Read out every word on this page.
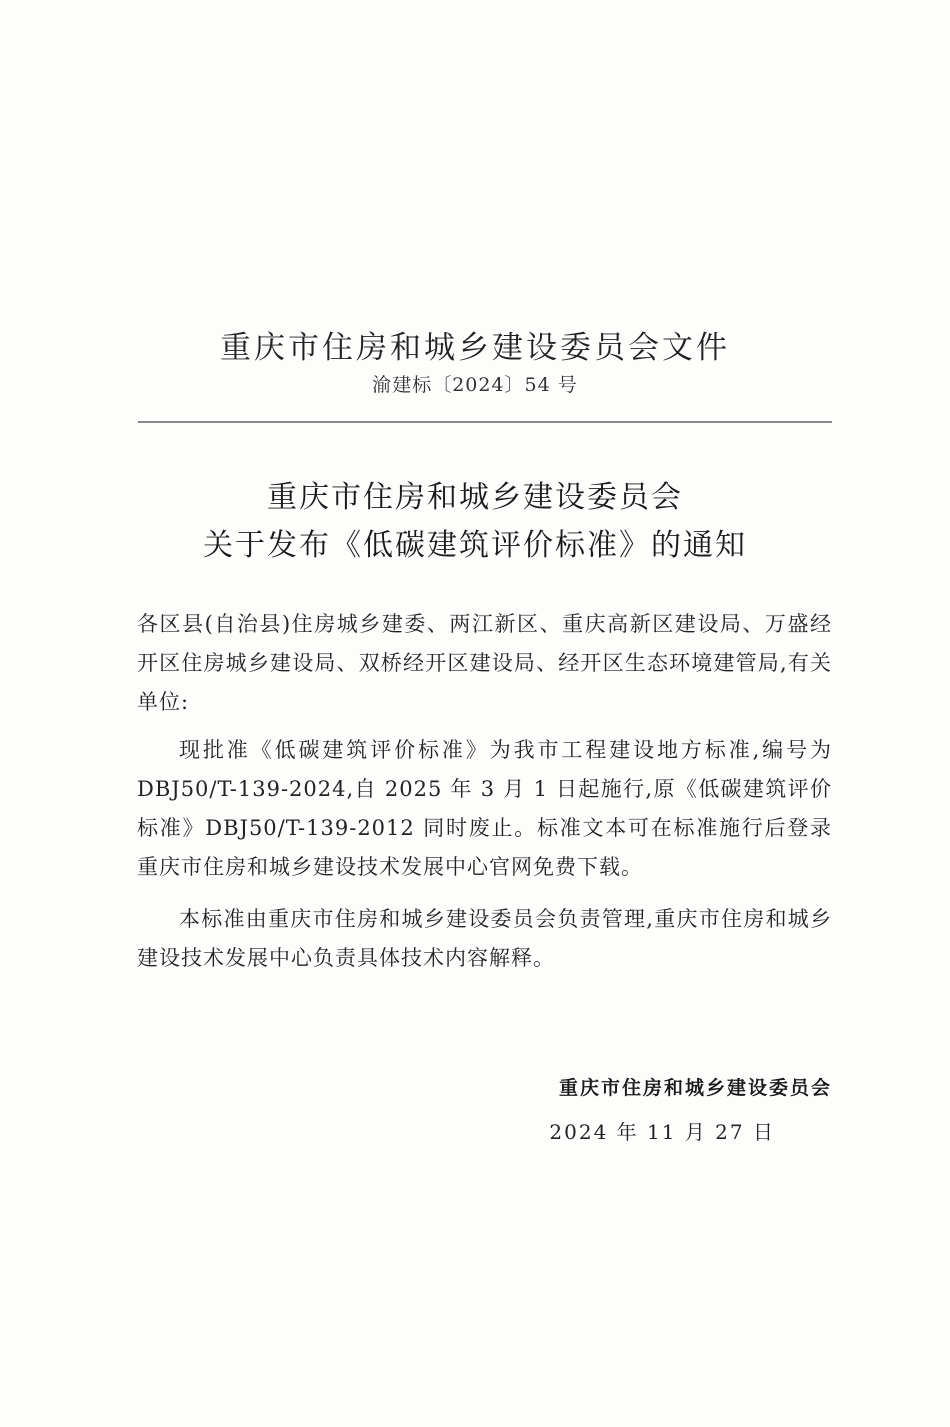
重庆市住房和城乡建设委员会文件
渝建标〔2024〕54 号
重庆市住房和城乡建设委员会
关于发布《低碳建筑评价标准》的通知
各区县(自治县)住房城乡建委、两江新区、重庆高新区建设局、万盛经开区住房城乡建设局、双桥经开区建设局、经开区生态环境建管局,有关单位:
现批准《低碳建筑评价标准》为我市工程建设地方标准,编号为 DBJ50/T-139-2024,自 2025 年 3 月 1 日起施行,原《低碳建筑评价标准》DBJ50/T-139-2012 同时废止。标准文本可在标准施行后登录重庆市住房和城乡建设技术发展中心官网免费下载。
本标准由重庆市住房和城乡建设委员会负责管理,重庆市住房和城乡建设技术发展中心负责具体技术内容解释。
重庆市住房和城乡建设委员会
2024 年 11 月 27 日
